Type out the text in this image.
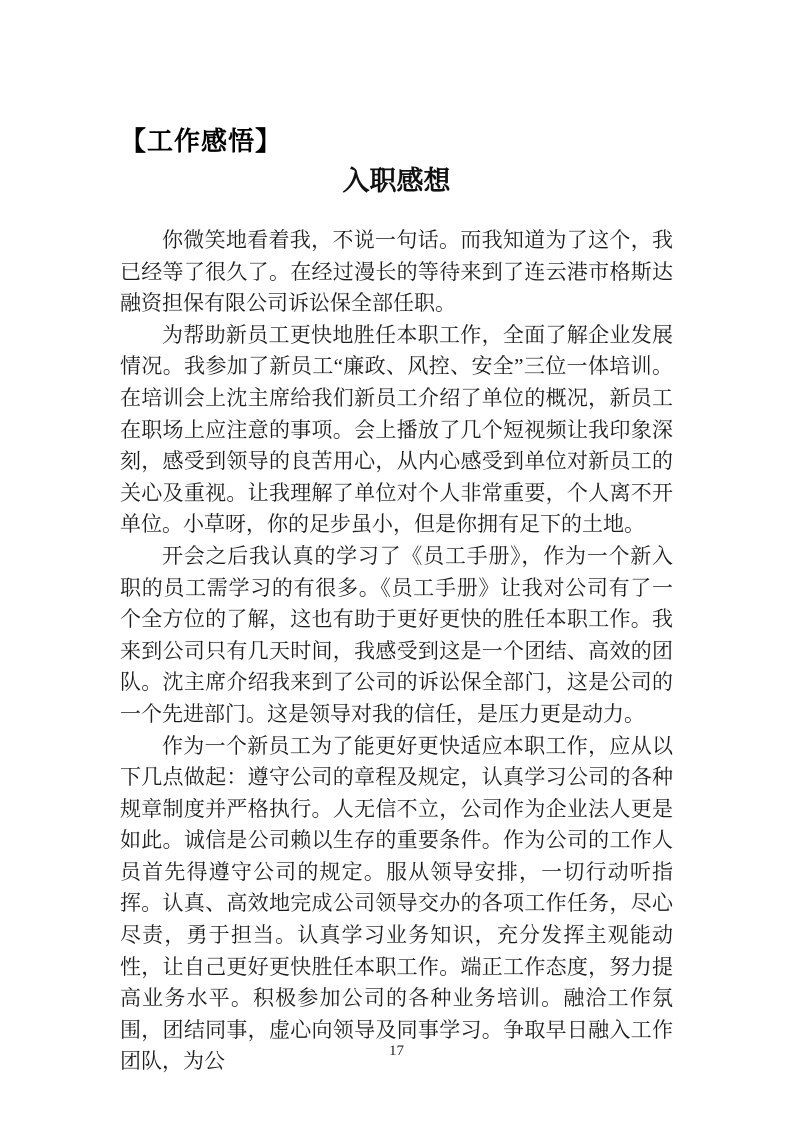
【工作感悟】
入职感想

你微笑地看着我，不说一句话。而我知道为了这个，我已经等了很久了。在经过漫长的等待来到了连云港市格斯达融资担保有限公司诉讼保全部任职。

为帮助新员工更快地胜任本职工作，全面了解企业发展情况。我参加了新员工“廉政、风控、安全”三位一体培训。在培训会上沈主席给我们新员工介绍了单位的概况，新员工在职场上应注意的事项。会上播放了几个短视频让我印象深刻，感受到领导的良苦用心，从内心感受到单位对新员工的关心及重视。让我理解了单位对个人非常重要，个人离不开单位。小草呀，你的足步虽小，但是你拥有足下的土地。

开会之后我认真的学习了《员工手册》，作为一个新入职的员工需学习的有很多。《员工手册》让我对公司有了一个全方位的了解，这也有助于更好更快的胜任本职工作。我来到公司只有几天时间，我感受到这是一个团结、高效的团队。沈主席介绍我来到了公司的诉讼保全部门，这是公司的一个先进部门。这是领导对我的信任，是压力更是动力。

作为一个新员工为了能更好更快适应本职工作，应从以下几点做起：遵守公司的章程及规定，认真学习公司的各种规章制度并严格执行。人无信不立，公司作为企业法人更是如此。诚信是公司赖以生存的重要条件。作为公司的工作人员首先得遵守公司的规定。服从领导安排，一切行动听指挥。认真、高效地完成公司领导交办的各项工作任务，尽心尽责，勇于担当。认真学习业务知识，充分发挥主观能动性，让自己更好更快胜任本职工作。端正工作态度，努力提高业务水平。积极参加公司的各种业务培训。融洽工作氛围，团结同事，虚心向领导及同事学习。争取早日融入工作团队，为公	17
